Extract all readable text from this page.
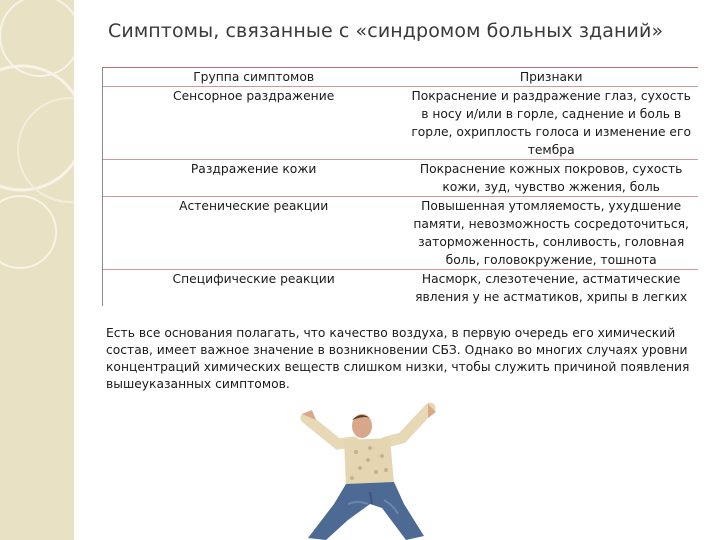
Симптомы, связанные с «синдромом больных зданий»
Группа симптомов	Признаки
Сенсорное раздражение	Покраснение и раздражение глаз, сухость в носу и/или в горле, саднение и боль в горле, охриплость голоса и изменение его тембра
Раздражение кожи	Покраснение кожных покровов, сухость кожи, зуд, чувство жжения, боль
Астенические реакции	Повышенная утомляемость, ухудшение памяти, невозможность сосредоточиться, заторможенность, сонливость, головная боль, головокружение, тошнота
Специфические реакции	Насморк, слезотечение, астматические явления у не астматиков, хрипы в легких
Есть все основания полагать, что качество воздуха, в первую очередь его химический состав, имеет важное значение в возникновении СБЗ. Однако во многих случаях уровни концентраций химических веществ слишком низки, чтобы служить причиной появления вышеуказанных симптомов.
